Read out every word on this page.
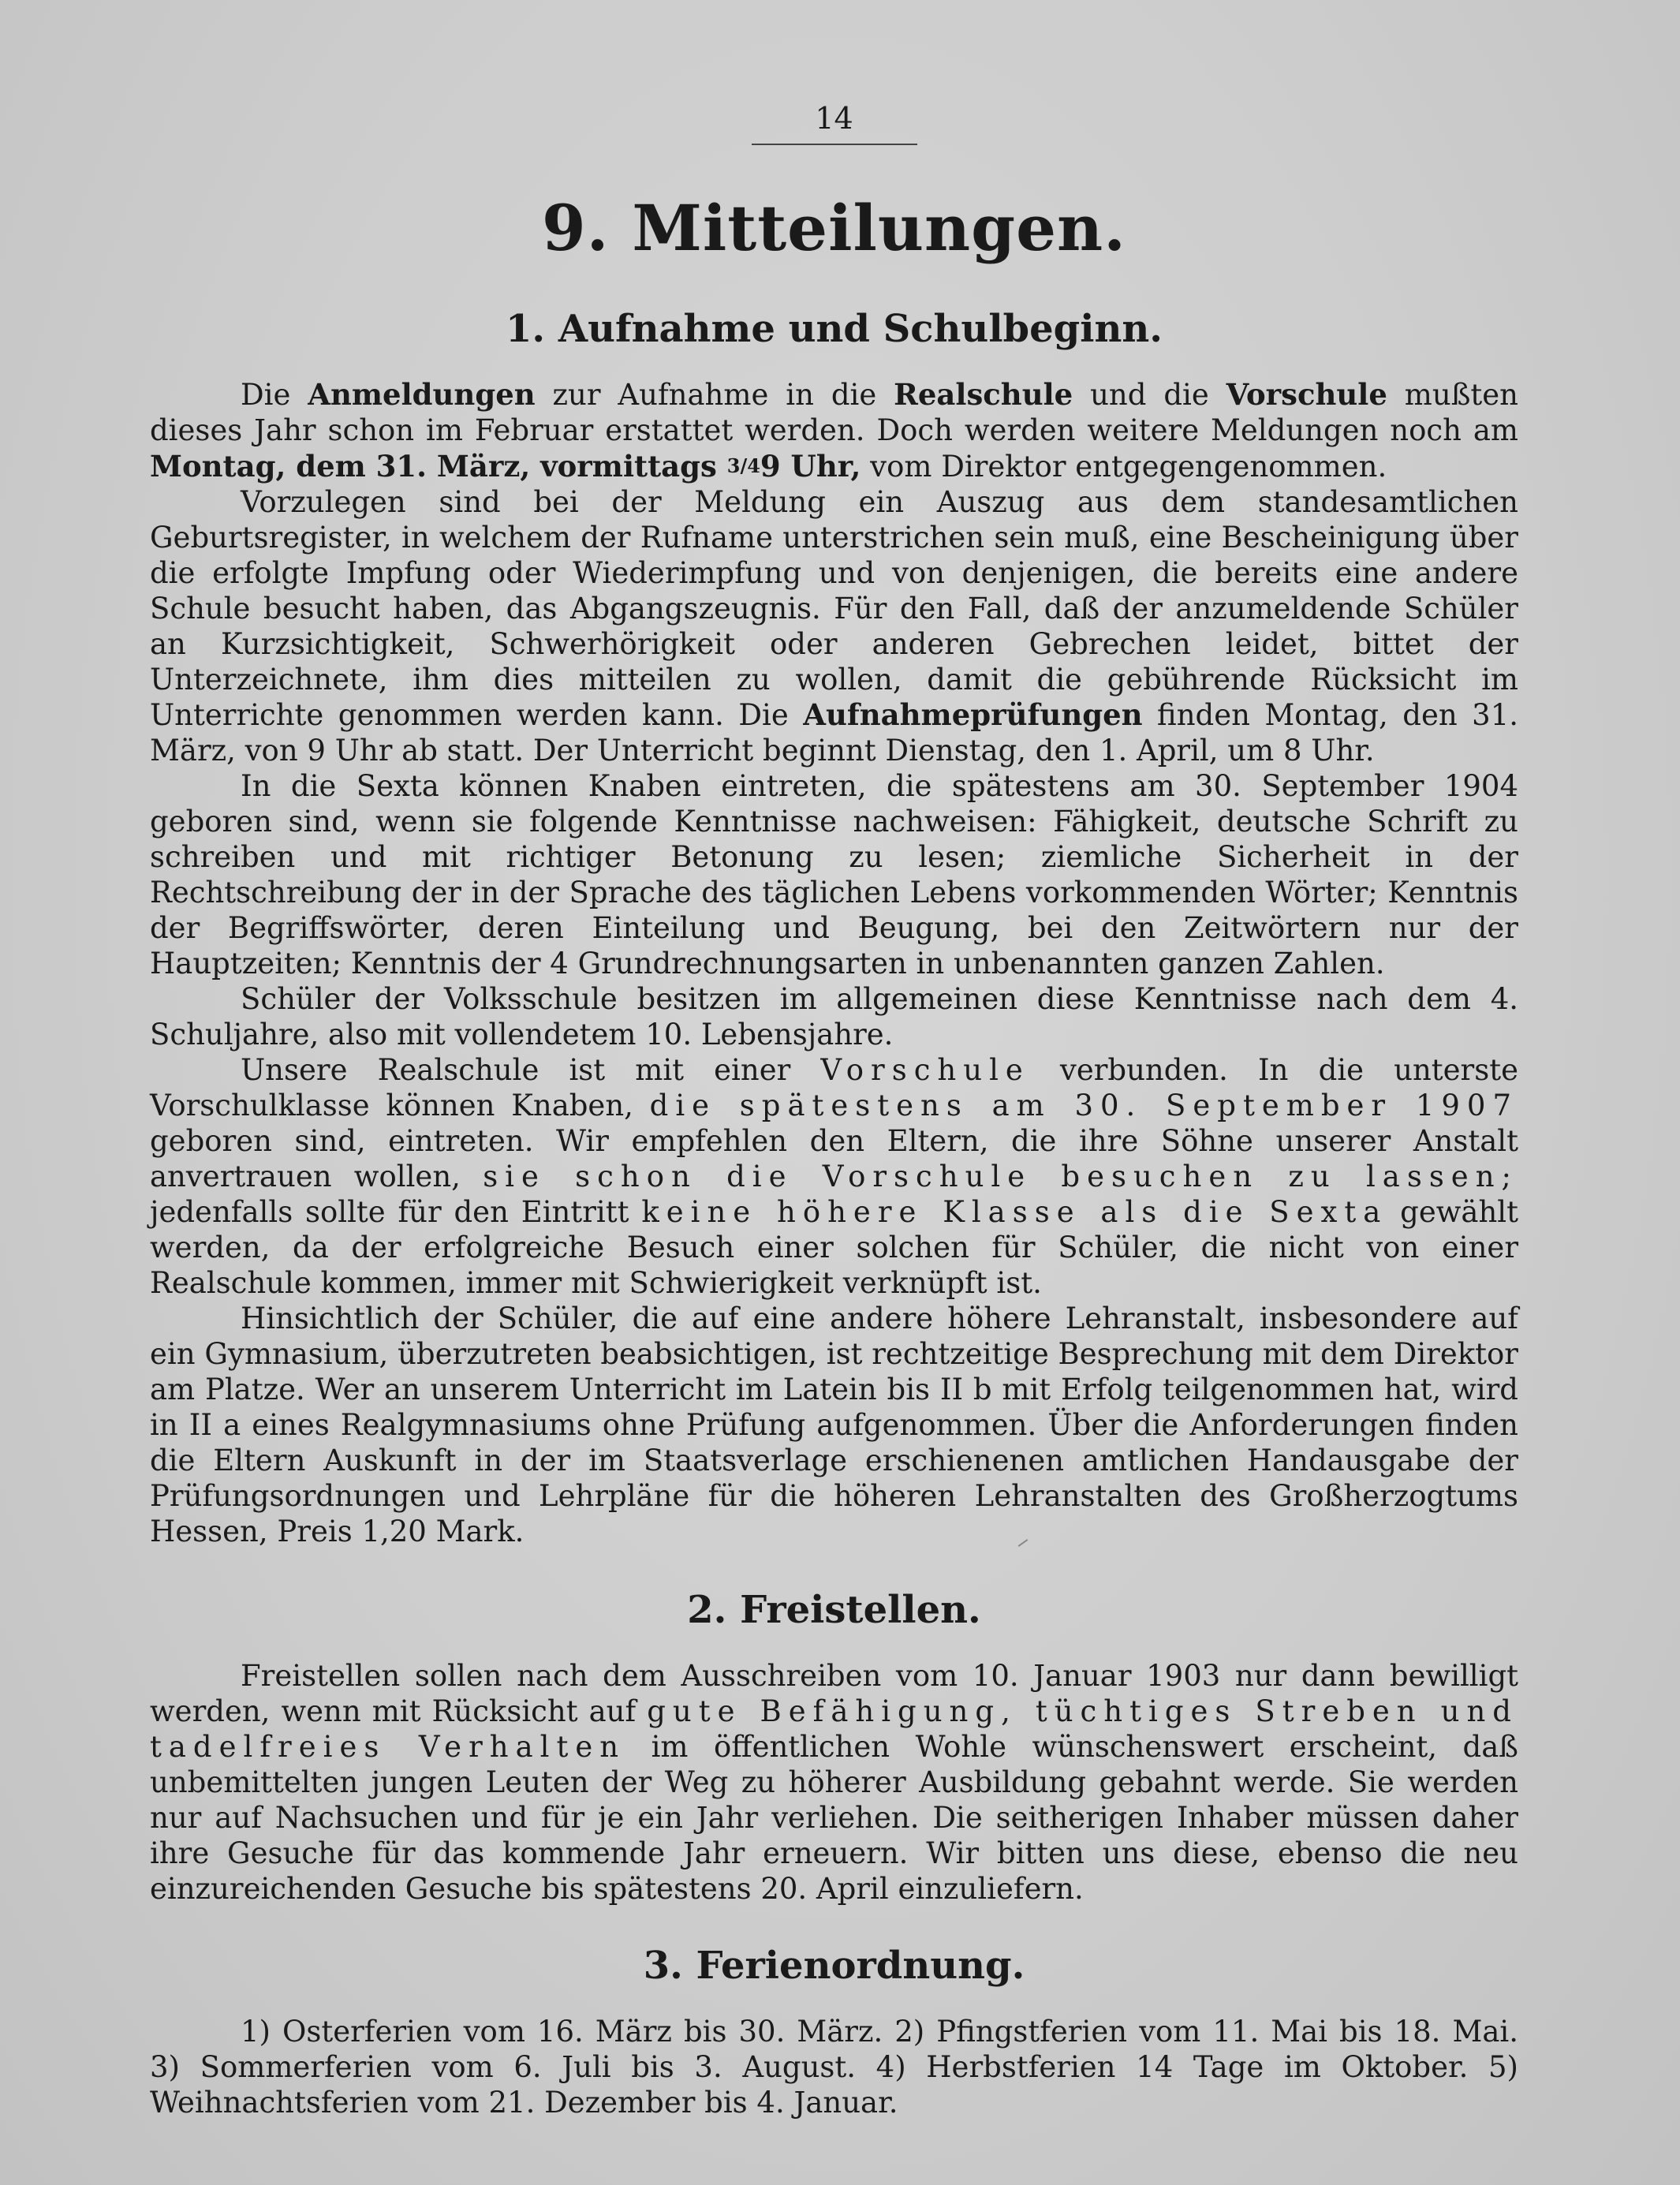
14
9. Mitteilungen.
1. Aufnahme und Schulbeginn.

Die Anmeldungen zur Aufnahme in die Realschule und die Vorschule mußten dieses Jahr schon im Februar erstattet werden. Doch werden weitere Meldungen noch am Montag, dem 31. März, vormittags 3/49 Uhr, vom Direktor entgegengenommen.

Vorzulegen sind bei der Meldung ein Auszug aus dem standesamtlichen Geburtsregister, in welchem der Rufname unterstrichen sein muß, eine Bescheinigung über die erfolgte Impfung oder Wiederimpfung und von denjenigen, die bereits eine andere Schule besucht haben, das Abgangszeugnis. Für den Fall, daß der anzumeldende Schüler an Kurzsichtigkeit, Schwerhörigkeit oder anderen Gebrechen leidet, bittet der Unterzeichnete, ihm dies mitteilen zu wollen, damit die gebührende Rücksicht im Unterrichte genommen werden kann. Die Aufnahmeprüfungen finden Montag, den 31. März, von 9 Uhr ab statt. Der Unterricht beginnt Dienstag, den 1. April, um 8 Uhr.

In die Sexta können Knaben eintreten, die spätestens am 30. September 1904 geboren sind, wenn sie folgende Kenntnisse nachweisen: Fähigkeit, deutsche Schrift zu schreiben und mit richtiger Betonung zu lesen; ziemliche Sicherheit in der Rechtschreibung der in der Sprache des täglichen Lebens vorkommenden Wörter; Kenntnis der Begriffswörter, deren Einteilung und Beugung, bei den Zeitwörtern nur der Hauptzeiten; Kenntnis der 4 Grundrechnungsarten in unbenannten ganzen Zahlen.

Schüler der Volksschule besitzen im allgemeinen diese Kenntnisse nach dem 4. Schuljahre, also mit vollendetem 10. Lebensjahre.

Unsere Realschule ist mit einer Vorschule verbunden. In die unterste Vorschulklasse können Knaben, die spätestens am 30. September 1907 geboren sind, eintreten. Wir empfehlen den Eltern, die ihre Söhne unserer Anstalt anvertrauen wollen, sie schon die Vorschule besuchen zu lassen; jedenfalls sollte für den Eintritt keine höhere Klasse als die Sexta gewählt werden, da der erfolgreiche Besuch einer solchen für Schüler, die nicht von einer Realschule kommen, immer mit Schwierigkeit verknüpft ist.

Hinsichtlich der Schüler, die auf eine andere höhere Lehranstalt, insbesondere auf ein Gymnasium, überzutreten beabsichtigen, ist rechtzeitige Besprechung mit dem Direktor am Platze. Wer an unserem Unterricht im Latein bis II b mit Erfolg teilgenommen hat, wird in II a eines Realgymnasiums ohne Prüfung aufgenommen. Über die Anforderungen finden die Eltern Auskunft in der im Staatsverlage erschienenen amtlichen Handausgabe der Prüfungsordnungen und Lehrpläne für die höheren Lehranstalten des Großherzogtums Hessen, Preis 1,20 Mark.

2. Freistellen.

Freistellen sollen nach dem Ausschreiben vom 10. Januar 1903 nur dann bewilligt werden, wenn mit Rücksicht auf gute Befähigung, tüchtiges Streben und tadelfreies Verhalten im öffentlichen Wohle wünschenswert erscheint, daß unbemittelten jungen Leuten der Weg zu höherer Ausbildung gebahnt werde. Sie werden nur auf Nachsuchen und für je ein Jahr verliehen. Die seitherigen Inhaber müssen daher ihre Gesuche für das kommende Jahr erneuern. Wir bitten uns diese, ebenso die neu einzureichenden Gesuche bis spätestens 20. April einzuliefern.

3. Ferienordnung.

1) Osterferien vom 16. März bis 30. März. 2) Pfingstferien vom 11. Mai bis 18. Mai. 3) Sommerferien vom 6. Juli bis 3. August. 4) Herbstferien 14 Tage im Oktober. 5) Weihnachtsferien vom 21. Dezember bis 4. Januar.
